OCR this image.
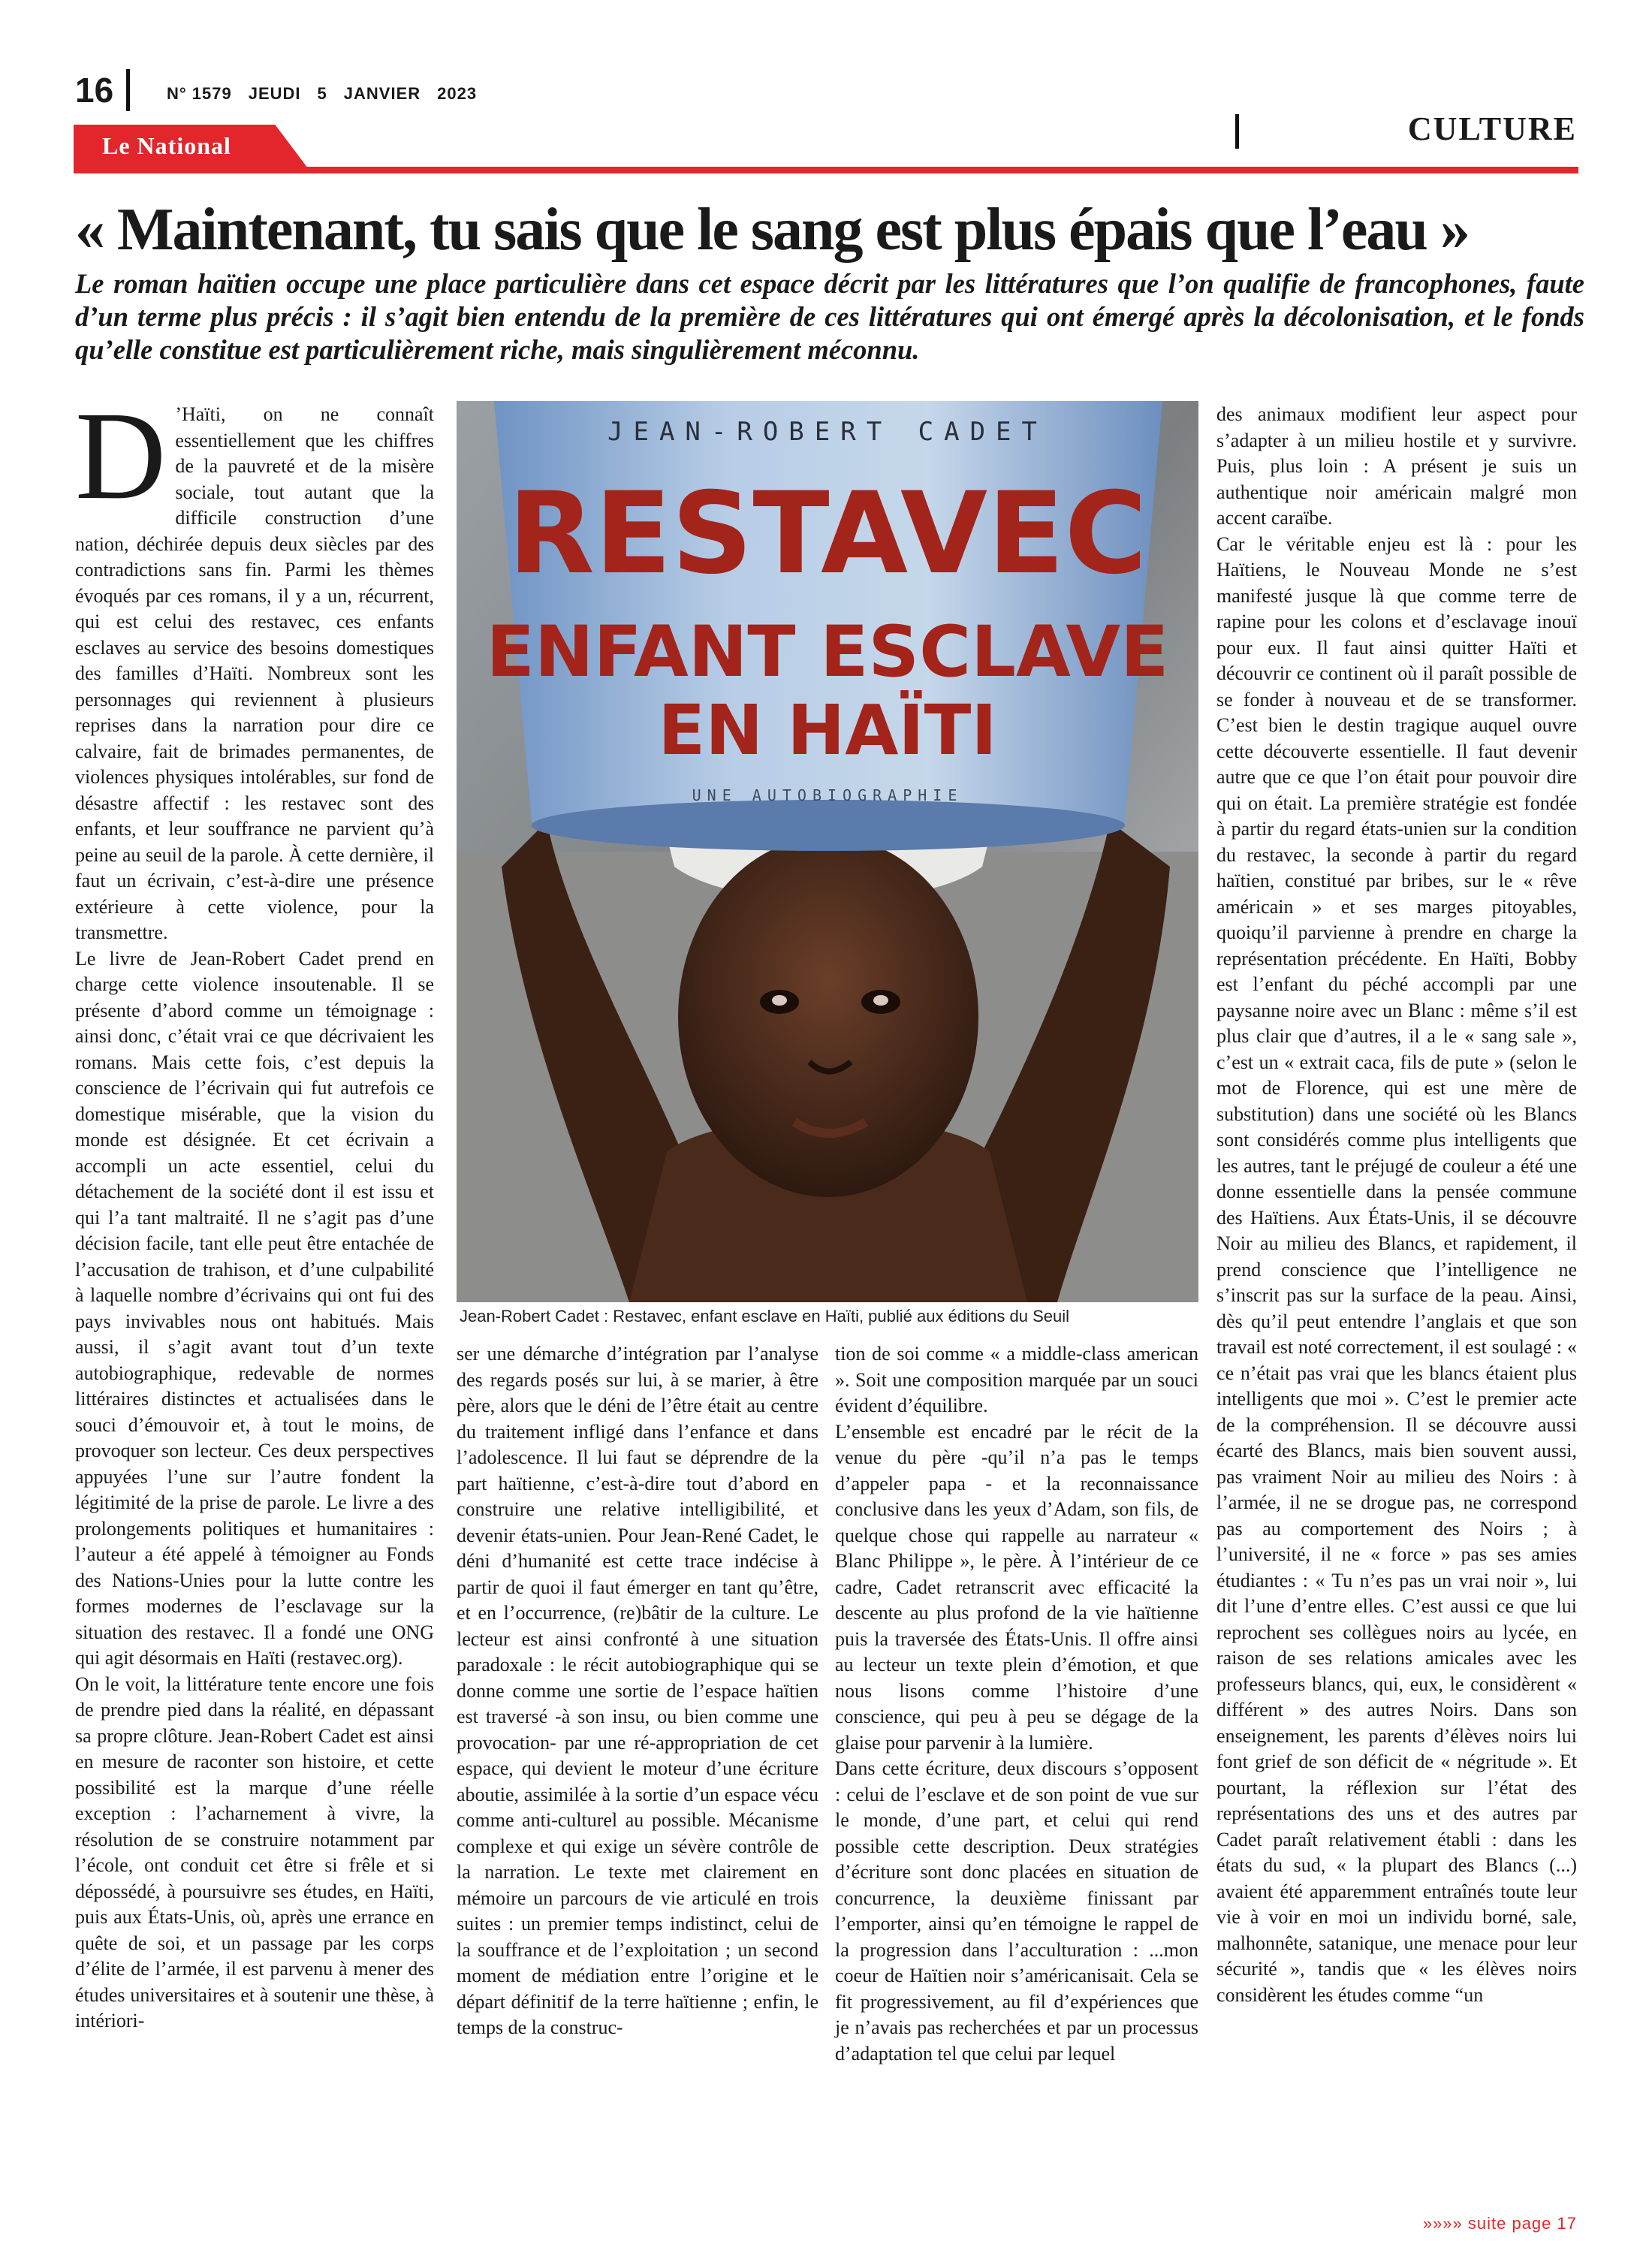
16	N° 1579 JEUDI 5 JANVIER 2023
Le National	CULTURE
« Maintenant, tu sais que le sang est plus épais que l’eau »

Le roman haïtien occupe une place particulière dans cet espace décrit par les littératures que l’on qualifie de francophones, faute d’un terme plus précis : il s’agit bien entendu de la première de ces littératures qui ont émergé après la décolonisation, et le fonds qu’elle constitue est particulièrement riche, mais singulièrement méconnu.

D ’Haïti, on ne connaît essentiellement que les chiffres de la pauvreté et de la misère sociale, tout autant que la difficile construction d’une nation, déchirée depuis deux siècles par des contradictions sans fin. Parmi les thèmes évoqués par ces romans, il y a un, récurrent, qui est celui des restavec, ces enfants esclaves au service des besoins domestiques des familles d’Haïti. Nombreux sont les personnages qui reviennent à plusieurs reprises dans la narration pour dire ce calvaire, fait de brimades permanentes, de violences physiques intolérables, sur fond de désastre affectif : les restavec sont des enfants, et leur souffrance ne parvient qu’à peine au seuil de la parole. À cette dernière, il faut un écrivain, c’est-à-dire une présence extérieure à cette violence, pour la transmettre.

Le livre de Jean-Robert Cadet prend en charge cette violence insoutenable. Il se présente d’abord comme un témoignage : ainsi donc, c’était vrai ce que décrivaient les romans. Mais cette fois, c’est depuis la conscience de l’écrivain qui fut autrefois ce domestique misérable, que la vision du monde est désignée. Et cet écrivain a accompli un acte essentiel, celui du détachement de la société dont il est issu et qui l’a tant maltraité. Il ne s’agit pas d’une décision facile, tant elle peut être entachée de l’accusation de trahison, et d’une culpabilité à laquelle nombre d’écrivains qui ont fui des pays invivables nous ont habitués. Mais aussi, il s’agit avant tout d’un texte autobiographique, redevable de normes littéraires distinctes et actualisées dans le souci d’émouvoir et, à tout le moins, de provoquer son lecteur. Ces deux perspectives appuyées l’une sur l’autre fondent la légitimité de la prise de parole. Le livre a des prolongements politiques et humanitaires : l’auteur a été appelé à témoigner au Fonds des Nations-Unies pour la lutte contre les formes modernes de l’esclavage sur la situation des restavec. Il a fondé une ONG qui agit désormais en Haïti (restavec.org).

On le voit, la littérature tente encore une fois de prendre pied dans la réalité, en dépassant sa propre clôture. Jean-Robert Cadet est ainsi en mesure de raconter son histoire, et cette possibilité est la marque d’une réelle exception : l’acharnement à vivre, la résolution de se construire notamment par l’école, ont conduit cet être si frêle et si dépossédé, à poursuivre ses études, en Haïti, puis aux États-Unis, où, après une errance en quête de soi, et un passage par les corps d’élite de l’armée, il est parvenu à mener des études universitaires et à soutenir une thèse, à intériori-

JEAN-ROBERT CADET
RESTAVEC
ENFANT ESCLAVE
EN HAÏTI
UNE AUTOBIOGRAPHIE
Jean-Robert Cadet : Restavec, enfant esclave en Haïti, publié aux éditions du Seuil

ser une démarche d’intégration par l’analyse des regards posés sur lui, à se marier, à être père, alors que le déni de l’être était au centre du traitement infligé dans l’enfance et dans l’adolescence. Il lui faut se déprendre de la part haïtienne, c’est-à-dire tout d’abord en construire une relative intelligibilité, et devenir états-unien. Pour Jean-René Cadet, le déni d’humanité est cette trace indécise à partir de quoi il faut émerger en tant qu’être, et en l’occurrence, (re)bâtir de la culture. Le lecteur est ainsi confronté à une situation paradoxale : le récit autobiographique qui se donne comme une sortie de l’espace haïtien est traversé -à son insu, ou bien comme une provocation- par une ré-appropriation de cet espace, qui devient le moteur d’une écriture aboutie, assimilée à la sortie d’un espace vécu comme anti-culturel au possible. Mécanisme complexe et qui exige un sévère contrôle de la narration. Le texte met clairement en mémoire un parcours de vie articulé en trois suites : un premier temps indistinct, celui de la souffrance et de l’exploitation ; un second moment de médiation entre l’origine et le départ définitif de la terre haïtienne ; enfin, le temps de la construc-

tion de soi comme « a middle-class american ». Soit une composition marquée par un souci évident d’équilibre.

L’ensemble est encadré par le récit de la venue du père -qu’il n’a pas le temps d’appeler papa - et la reconnaissance conclusive dans les yeux d’Adam, son fils, de quelque chose qui rappelle au narrateur « Blanc Philippe », le père. À l’intérieur de ce cadre, Cadet retranscrit avec efficacité la descente au plus profond de la vie haïtienne puis la traversée des États-Unis. Il offre ainsi au lecteur un texte plein d’émotion, et que nous lisons comme l’histoire d’une conscience, qui peu à peu se dégage de la glaise pour parvenir à la lumière.

Dans cette écriture, deux discours s’opposent : celui de l’esclave et de son point de vue sur le monde, d’une part, et celui qui rend possible cette description. Deux stratégies d’écriture sont donc placées en situation de concurrence, la deuxième finissant par l’emporter, ainsi qu’en témoigne le rappel de la progression dans l’acculturation : ...mon coeur de Haïtien noir s’américanisait. Cela se fit progressivement, au fil d’expériences que je n’avais pas recherchées et par un processus d’adaptation tel que celui par lequel

des animaux modifient leur aspect pour s’adapter à un milieu hostile et y survivre. Puis, plus loin : A présent je suis un authentique noir américain malgré mon accent caraïbe.

Car le véritable enjeu est là : pour les Haïtiens, le Nouveau Monde ne s’est manifesté jusque là que comme terre de rapine pour les colons et d’esclavage inouï pour eux. Il faut ainsi quitter Haïti et découvrir ce continent où il paraît possible de se fonder à nouveau et de se transformer. C’est bien le destin tragique auquel ouvre cette découverte essentielle. Il faut devenir autre que ce que l’on était pour pouvoir dire qui on était. La première stratégie est fondée à partir du regard états-unien sur la condition du restavec, la seconde à partir du regard haïtien, constitué par bribes, sur le « rêve américain » et ses marges pitoyables, quoiqu’il parvienne à prendre en charge la représentation précédente. En Haïti, Bobby est l’enfant du péché accompli par une paysanne noire avec un Blanc : même s’il est plus clair que d’autres, il a le « sang sale », c’est un « extrait caca, fils de pute » (selon le mot de Florence, qui est une mère de substitution) dans une société où les Blancs sont considérés comme plus intelligents que les autres, tant le préjugé de couleur a été une donne essentielle dans la pensée commune des Haïtiens. Aux États-Unis, il se découvre Noir au milieu des Blancs, et rapidement, il prend conscience que l’intelligence ne s’inscrit pas sur la surface de la peau. Ainsi, dès qu’il peut entendre l’anglais et que son travail est noté correctement, il est soulagé : « ce n’était pas vrai que les blancs étaient plus intelligents que moi ». C’est le premier acte de la compréhension. Il se découvre aussi écarté des Blancs, mais bien souvent aussi, pas vraiment Noir au milieu des Noirs : à l’armée, il ne se drogue pas, ne correspond pas au comportement des Noirs ; à l’université, il ne « force » pas ses amies étudiantes : « Tu n’es pas un vrai noir », lui dit l’une d’entre elles. C’est aussi ce que lui reprochent ses collègues noirs au lycée, en raison de ses relations amicales avec les professeurs blancs, qui, eux, le considèrent « différent » des autres Noirs. Dans son enseignement, les parents d’élèves noirs lui font grief de son déficit de « négritude ». Et pourtant, la réflexion sur l’état des représentations des uns et des autres par Cadet paraît relativement établi : dans les états du sud, « la plupart des Blancs (...) avaient été apparemment entraînés toute leur vie à voir en moi un individu borné, sale, malhonnête, satanique, une menace pour leur sécurité », tandis que « les élèves noirs considèrent les études comme “un

»»»» suite page 17
